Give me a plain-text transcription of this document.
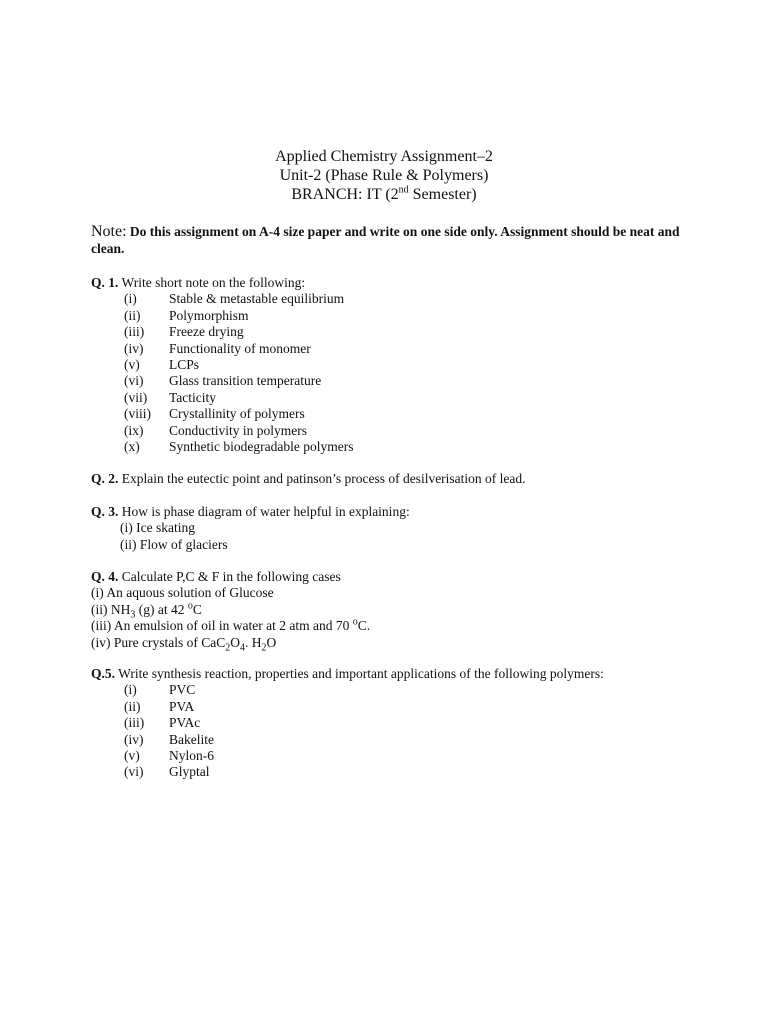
Applied Chemistry Assignment–2
Unit-2 (Phase Rule & Polymers)
BRANCH: IT (2nd Semester)
Note: Do this assignment on A-4 size paper and write on one side only. Assignment should be neat and clean.
Q. 1. Write short note on the following:
(i)	Stable & metastable equilibrium
(ii)	Polymorphism
(iii)	Freeze drying
(iv)	Functionality of monomer
(v)	LCPs
(vi)	Glass transition temperature
(vii)	Tacticity
(viii)	Crystallinity of polymers
(ix)	Conductivity in polymers
(x)	Synthetic biodegradable polymers
Q. 2. Explain the eutectic point and patinson’s process of desilverisation of lead.
Q. 3. How is phase diagram of water helpful in explaining:
(i) Ice skating
(ii) Flow of glaciers
Q. 4. Calculate P,C & F in the following cases
(i) An aquous solution of Glucose
(ii) $NH_3$ (g) at 42 $^o$C
(iii) An emulsion of oil in water at 2 atm and 70 $^o$C.
(iv) Pure crystals of $CaC_2O_4$. $H_2O$
Q.5. Write synthesis reaction, properties and important applications of the following polymers:
(i)	PVC
(ii)	PVA
(iii)	PVAc
(iv)	Bakelite
(v)	Nylon-6
(vi)	Glyptal
